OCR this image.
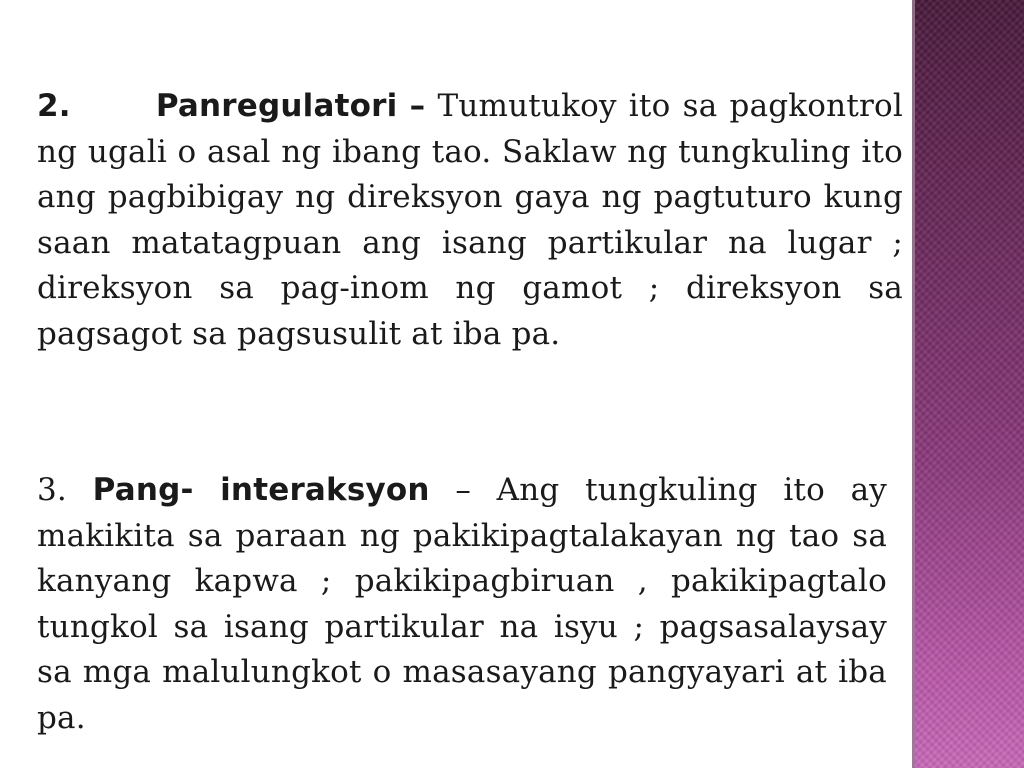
2.	Panregulatori – Tumutukoy ito sa pagkontrol ng ugali o asal ng ibang tao. Saklaw ng tungkuling ito ang pagbibigay ng direksyon gaya ng pagtuturo kung saan matatagpuan ang isang partikular na lugar ; direksyon sa pag-inom ng gamot ; direksyon sa pagsagot sa pagsusulit at iba pa.

3. Pang- interaksyon – Ang tungkuling ito ay makikita sa paraan ng pakikipagtalakayan ng tao sa kanyang kapwa ; pakikipagbiruan , pakikipagtalo tungkol sa isang partikular na isyu ; pagsasalaysay sa mga malulungkot o masasayang pangyayari at iba pa.
